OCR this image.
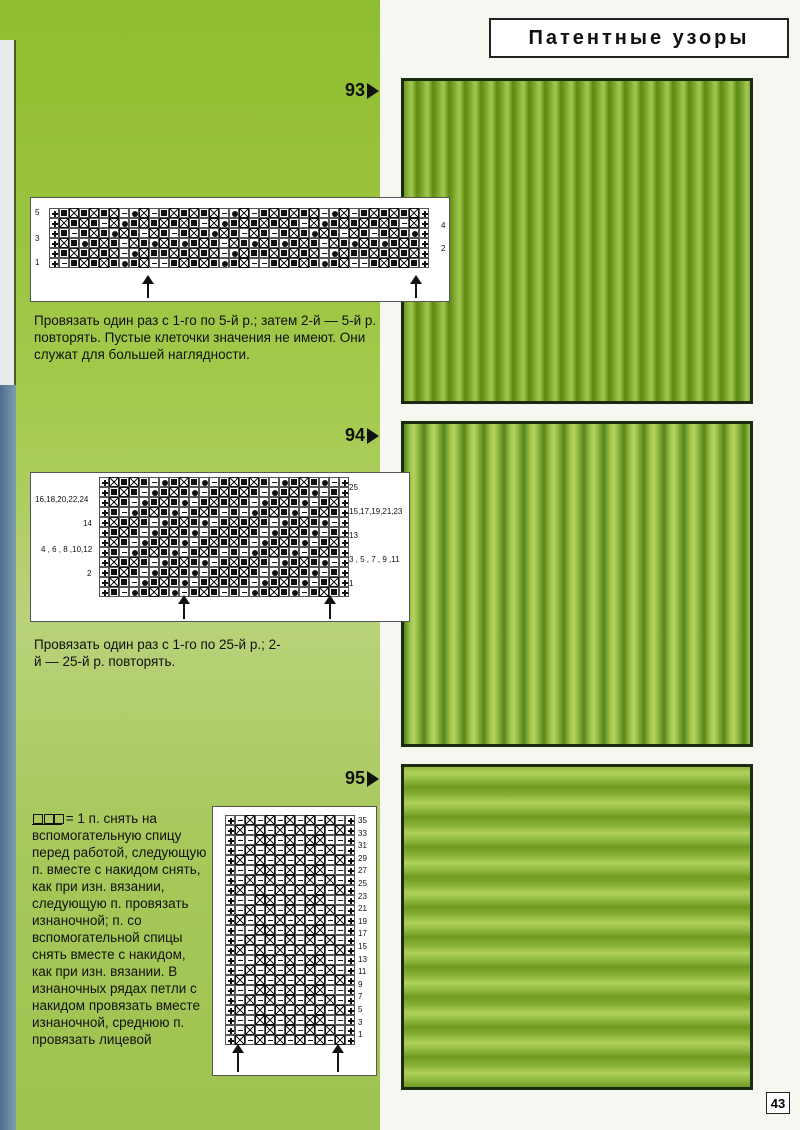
Патентные узоры
93
5
3
1
4
2
Провязать один раз с 1-го по 5-й р.; затем 2-й — 5-й р. повторять. Пустые клеточки значения не имеют. Они служат для большей наглядности.
94
16,18,20,22,24
14
4 , 6 , 8 ,10,12
2
25
15,17,19,21,23
13
3 , 5 , 7 , 9 ,11
1
Провязать один раз с 1-го по 25-й р.; 2-й — 25-й р. повторять.
95
35
33
31
29
27
25
23
21
19
17
15
13
11
9
7
5
3
1
= 1 п. снять на вспомогательную спицу перед работой, следующую п. вместе с накидом снять, как при изн. вязании, следующую п. провязать изнаночной; п. со вспомогательной спицы снять вместе с накидом, как при изн. вязании. В изнаночных рядах петли с накидом провязать вместе изнаночной, среднюю п. провязать лицевой
43
